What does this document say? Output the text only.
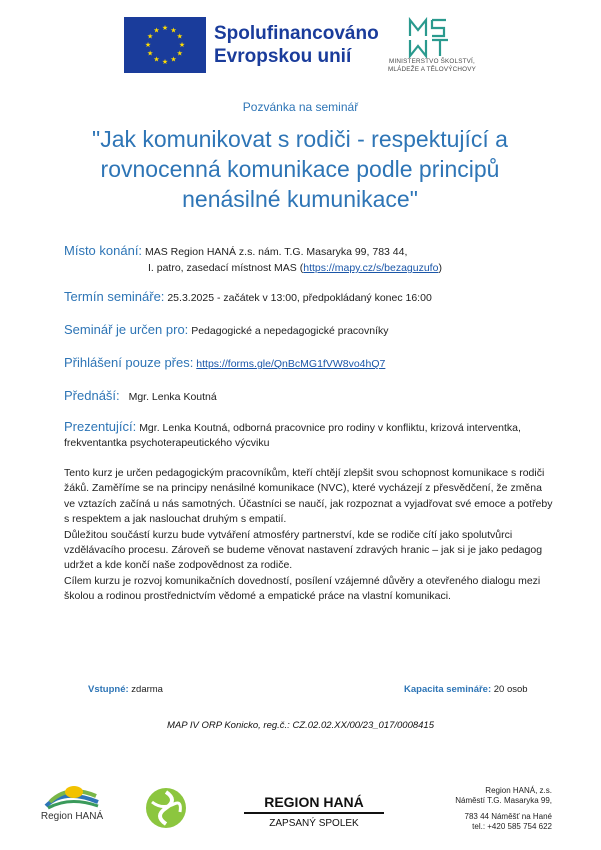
★ ★
★
★
★
★
★
★
★
★
★
★	Spolufinancováno
Evropskou unií	MINISTERSTVO ŠKOLSTVÍ,
MLÁDEŽE A TĚLOVÝCHOVY
Pozvánka na seminář
"Jak komunikovat s rodiči - respektující a
rovnocenná komunikace podle principů
nenásilné kumunikace"
Místo konání: MAS Region HANÁ z.s. nám. T.G. Masaryka 99, 783 44,
I. patro, zasedací místnost MAS (https://mapy.cz/s/bezaguzufo)
Termín semináře: 25.3.2025 - začátek v 13:00, předpokládaný konec 16:00
Seminář je určen pro: Pedagogické a nepedagogické pracovníky
Přihlášení pouze přes: https://forms.gle/QnBcMG1fVW8vo4hQ7
Přednáší: Mgr. Lenka Koutná
Prezentující: Mgr. Lenka Koutná, odborná pracovnice pro rodiny v konfliktu, krizová interventka,
frekventantka psychoterapeutického výcviku

Tento kurz je určen pedagogickým pracovníkům, kteří chtějí zlepšit svou schopnost komunikace s rodiči žáků. Zaměříme se na principy nenásilné komunikace (NVC), které vycházejí z přesvědčení, že změna ve vztazích začíná u nás samotných. Účastníci se naučí, jak rozpoznat a vyjadřovat své emoce a potřeby s respektem a jak naslouchat druhým s empatií.

Důležitou součástí kurzu bude vytváření atmosféry partnerství, kde se rodiče cítí jako spolutvůrci vzdělávacího procesu. Zároveň se budeme věnovat nastavení zdravých hranic – jak si je jako pedagog udržet a kde končí naše zodpovědnost za rodiče.

Cílem kurzu je rozvoj komunikačních dovedností, posílení vzájemné důvěry a otevřeného dialogu mezi školou a rodinou prostřednictvím vědomé a empatické práce na vlastní komunikaci.

Vstupné: zdarma	Kapacita semináře: 20 osob
MAP IV ORP Konicko, reg.č.: CZ.02.02.XX/00/23_017/0008415
Region HANÁ
REGION HANÁ
ZAPSANÝ SPOLEK
Region HANÁ, z.s.
Náměstí T.G. Masaryka 99,
783 44 Náměšť na Hané
tel.: +420 585 754 622
